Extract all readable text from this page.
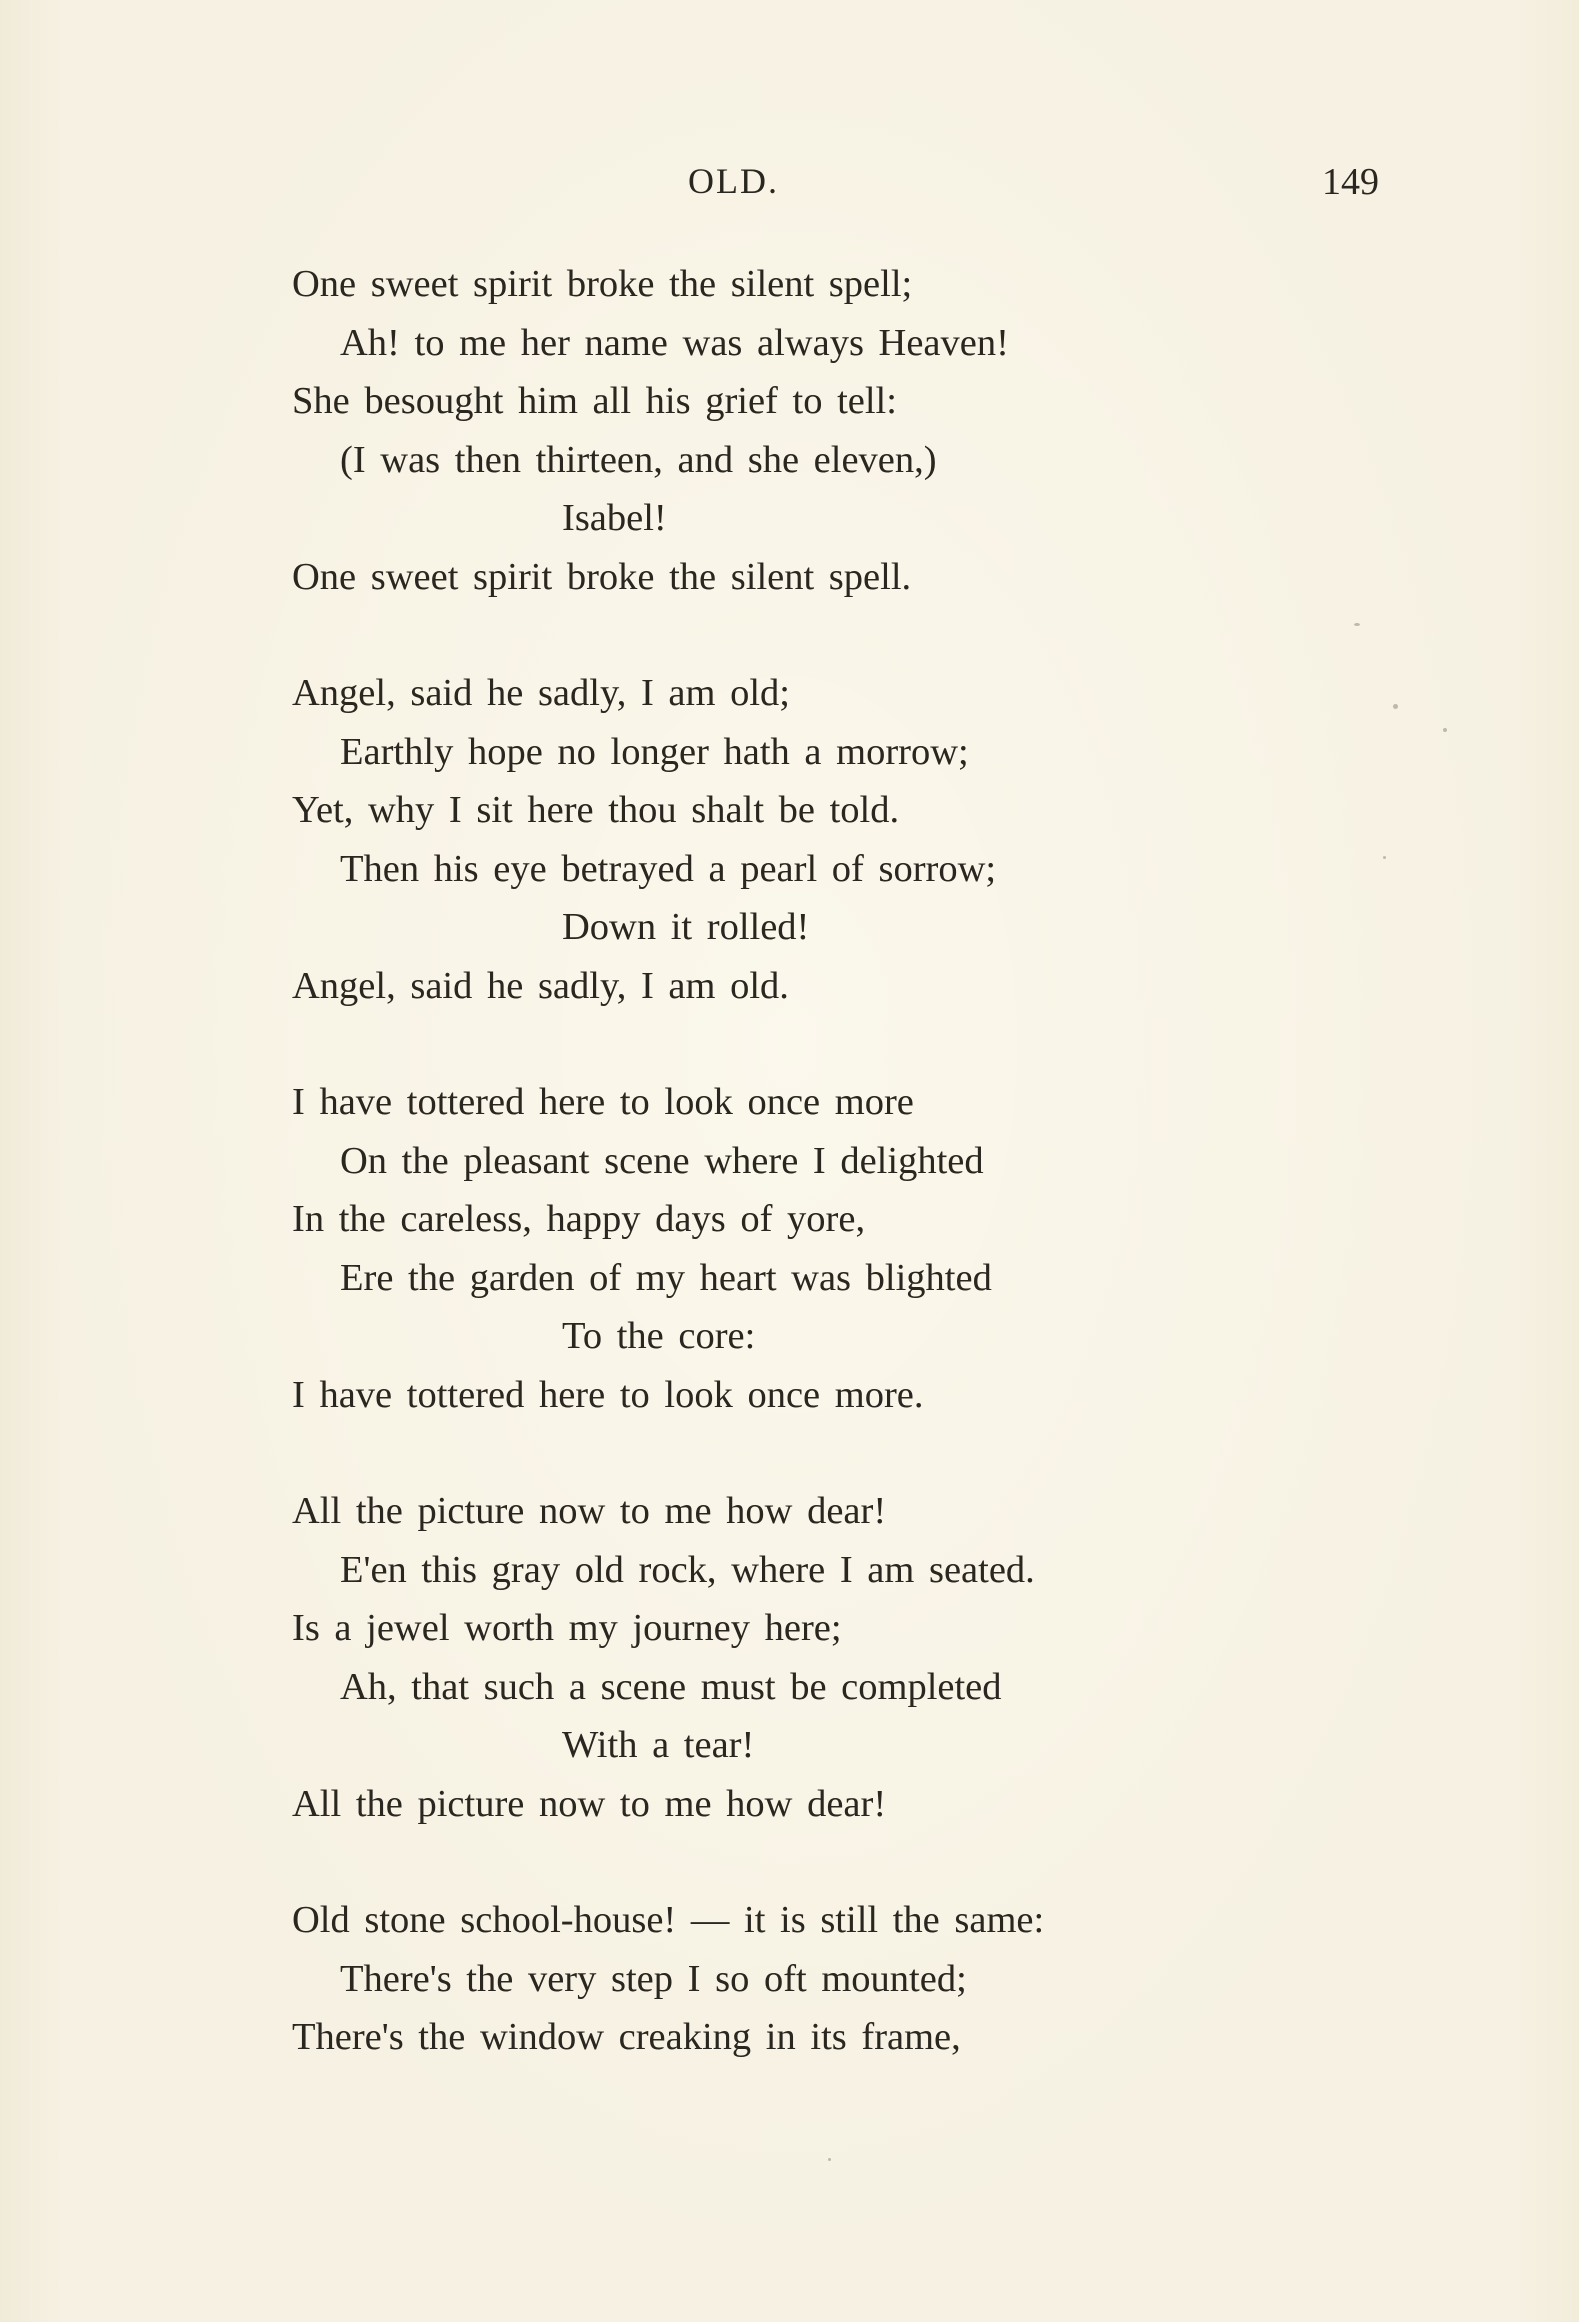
OLD.	149
One sweet spirit broke the silent spell;
Ah! to me her name was always Heaven!
She besought him all his grief to tell:
(I was then thirteen, and she eleven,)
Isabel!
One sweet spirit broke the silent spell.
Angel, said he sadly, I am old;
Earthly hope no longer hath a morrow;
Yet, why I sit here thou shalt be told.
Then his eye betrayed a pearl of sorrow;
Down it rolled!
Angel, said he sadly, I am old.
I have tottered here to look once more
On the pleasant scene where I delighted
In the careless, happy days of yore,
Ere the garden of my heart was blighted
To the core:
I have tottered here to look once more.
All the picture now to me how dear!
E'en this gray old rock, where I am seated.
Is a jewel worth my journey here;
Ah, that such a scene must be completed
With a tear!
All the picture now to me how dear!
Old stone school-house! — it is still the same:
There's the very step I so oft mounted;
There's the window creaking in its frame,
